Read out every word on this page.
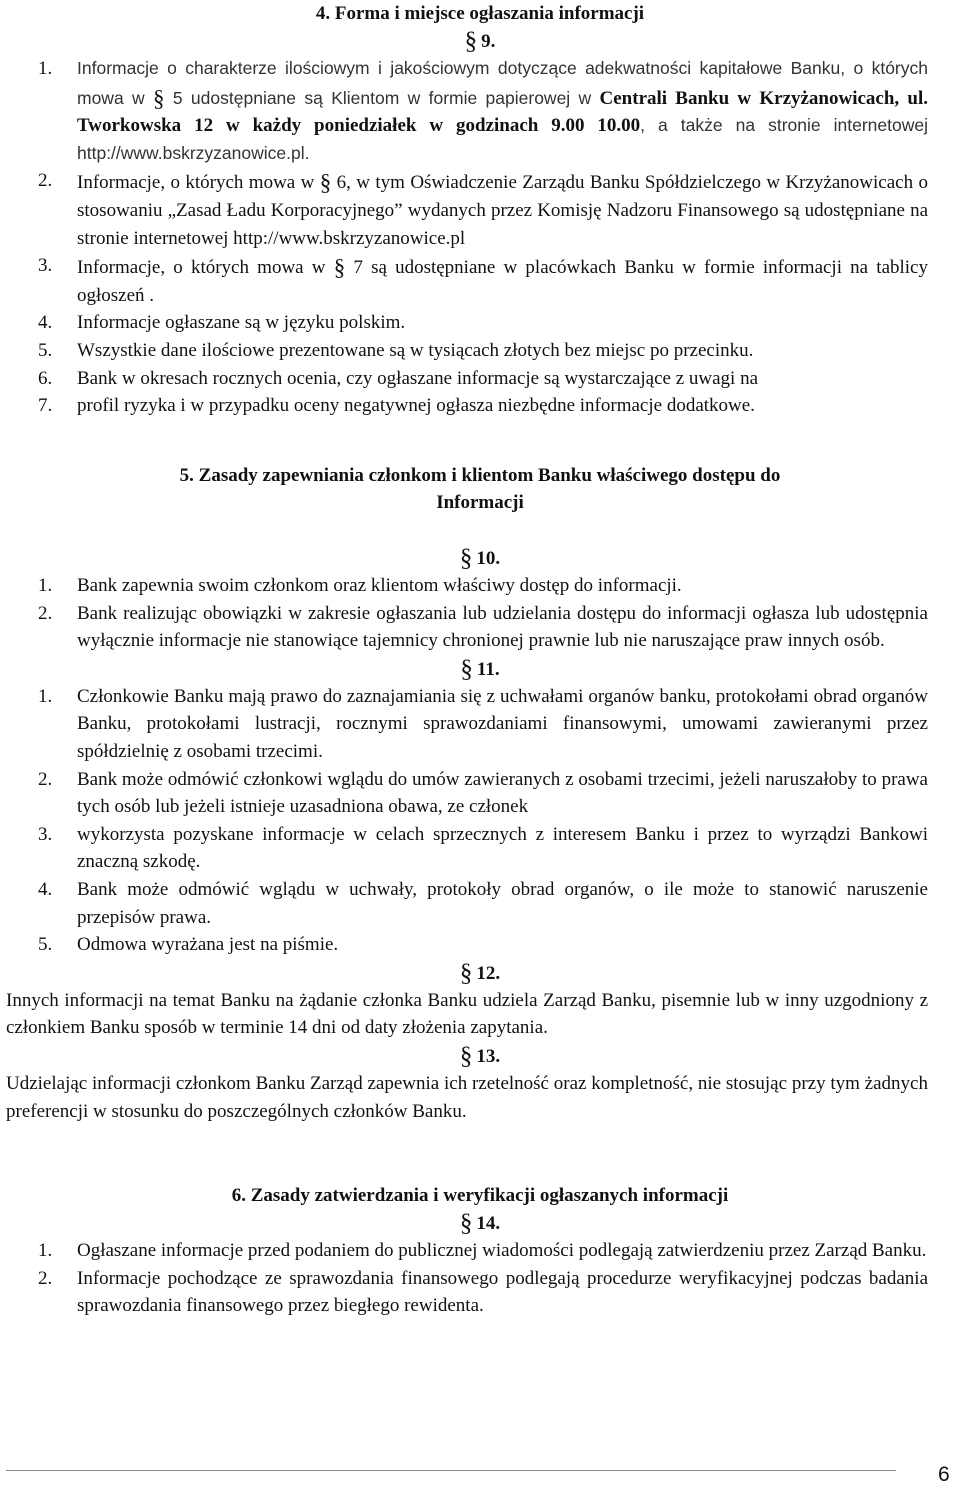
4. Forma i miejsce ogłaszania informacji

§ 9.

1. Informacje o charakterze ilościowym i jakościowym dotyczące adekwatności kapitałowe Banku, o których mowa w § 5 udostępniane są Klientom w formie papierowej w Centrali Banku w Krzyżanowicach, ul. Tworkowska 12 w każdy poniedziałek w godzinach 9.00 10.00, a także na stronie internetowej http://www.bskrzyzanowice.pl.
2. Informacje, o których mowa w § 6, w tym Oświadczenie Zarządu Banku Spółdzielczego w Krzyżanowicach o stosowaniu „Zasad Ładu Korporacyjnego” wydanych przez Komisję Nadzoru Finansowego są udostępniane na stronie internetowej http://www.bskrzyzanowice.pl
3. Informacje, o których mowa w § 7 są udostępniane w placówkach Banku w formie informacji na tablicy ogłoszeń .
4. Informacje ogłaszane są w języku polskim.
5. Wszystkie dane ilościowe prezentowane są w tysiącach złotych bez miejsc po przecinku.
6. Bank w okresach rocznych ocenia, czy ogłaszane informacje są wystarczające z uwagi na
7. profil ryzyka i w przypadku oceny negatywnej ogłasza niezbędne informacje dodatkowe.

5. Zasady zapewniania członkom i klientom Banku właściwego dostępu do
Informacji

§ 10.

1. Bank zapewnia swoim członkom oraz klientom właściwy dostęp do informacji.
2. Bank realizując obowiązki w zakresie ogłaszania lub udzielania dostępu do informacji ogłasza lub udostępnia wyłącznie informacje nie stanowiące tajemnicy chronionej prawnie lub nie naruszające praw innych osób.

§ 11.

1. Członkowie Banku mają prawo do zaznajamiania się z uchwałami organów banku, protokołami obrad organów Banku, protokołami lustracji, rocznymi sprawozdaniami finansowymi, umowami zawieranymi przez spółdzielnię z osobami trzecimi.
2. Bank może odmówić członkowi wglądu do umów zawieranych z osobami trzecimi, jeżeli naruszałoby to prawa tych osób lub jeżeli istnieje uzasadniona obawa, ze członek
3. wykorzysta pozyskane informacje w celach sprzecznych z interesem Banku i przez to wyrządzi Bankowi znaczną szkodę.
4. Bank może odmówić wglądu w uchwały, protokoły obrad organów, o ile może to stanowić naruszenie przepisów prawa.
5. Odmowa wyrażana jest na piśmie.

§ 12.

Innych informacji na temat Banku na żądanie członka Banku udziela Zarząd Banku, pisemnie lub w inny uzgodniony z członkiem Banku sposób w terminie 14 dni od daty złożenia zapytania.

§ 13.

Udzielając informacji członkom Banku Zarząd zapewnia ich rzetelność oraz kompletność, nie stosując przy tym żadnych preferencji w stosunku do poszczególnych członków Banku.

6. Zasady zatwierdzania i weryfikacji ogłaszanych informacji

§ 14.

1. Ogłaszane informacje przed podaniem do publicznej wiadomości podlegają zatwierdzeniu przez Zarząd Banku.
2. Informacje pochodzące ze sprawozdania finansowego podlegają procedurze weryfikacyjnej podczas badania sprawozdania finansowego przez biegłego rewidenta.
6
